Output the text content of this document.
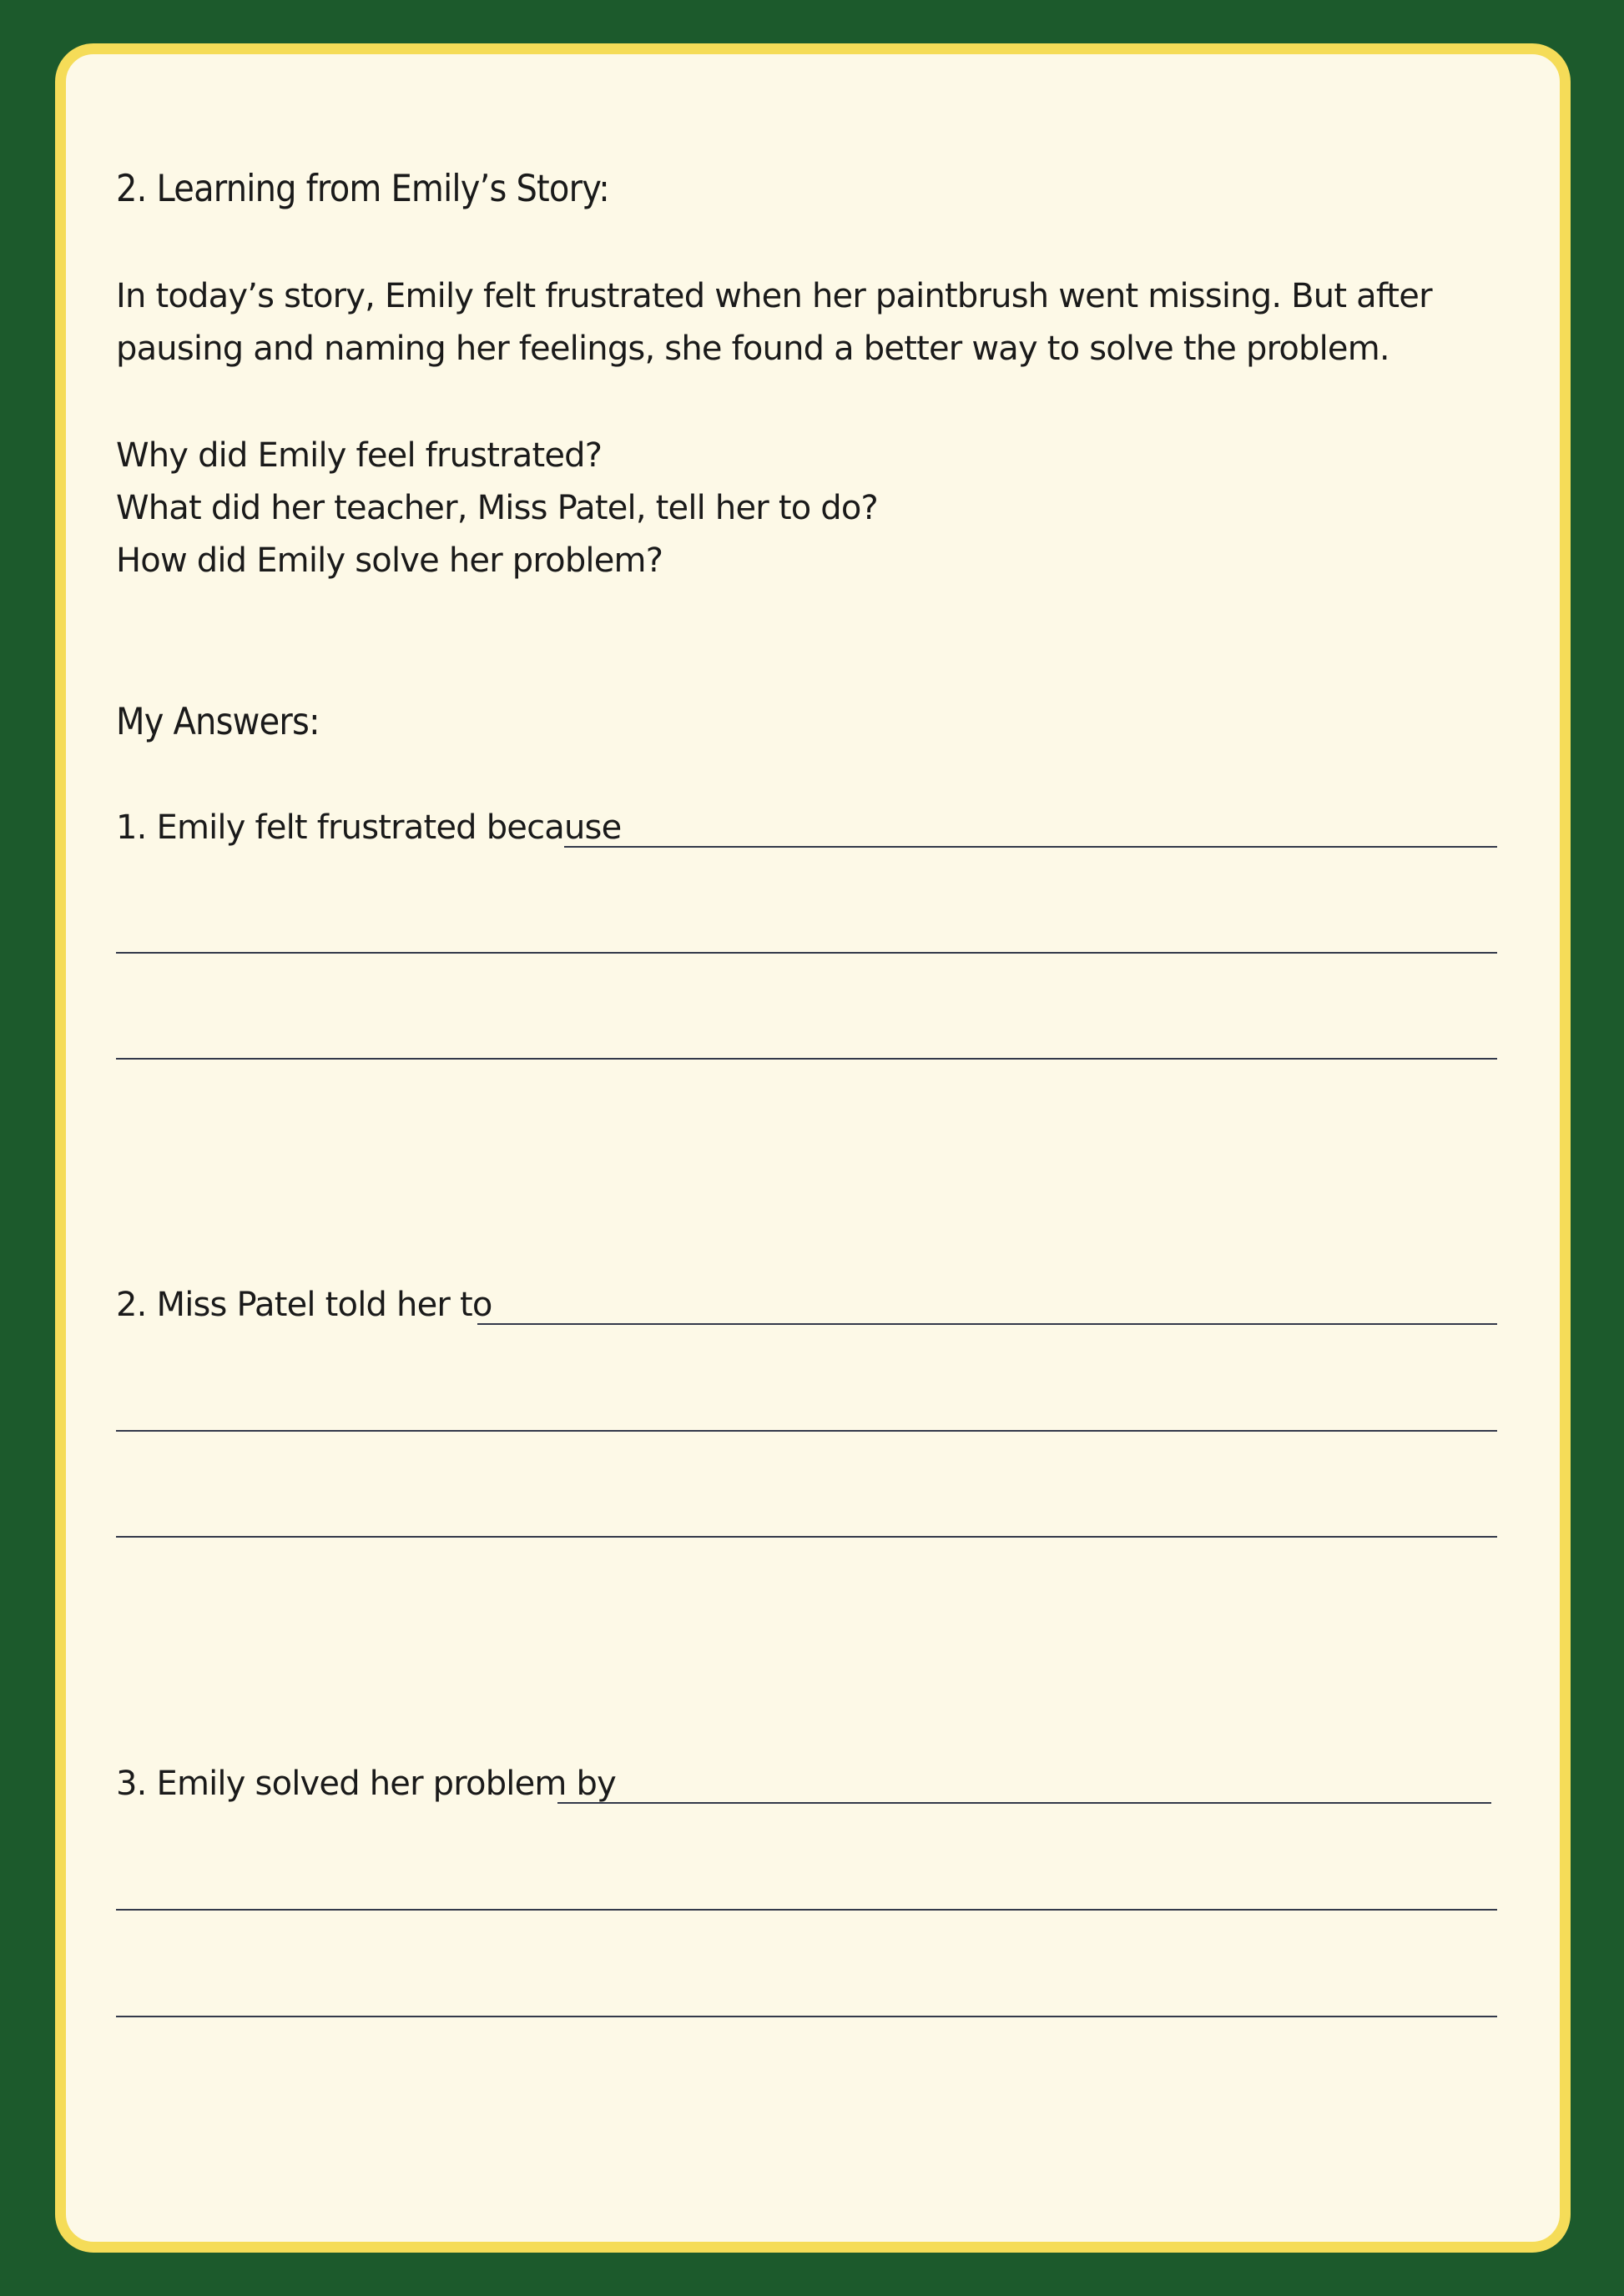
2. Learning from Emily’s Story:
In today’s story, Emily felt frustrated when her paintbrush went missing. But after pausing and naming her feelings, she found a better way to solve the problem.
Why did Emily feel frustrated?
What did her teacher, Miss Patel, tell her to do?
How did Emily solve her problem?
My Answers:
1. Emily felt frustrated because
2. Miss Patel told her to
3. Emily solved her problem by
